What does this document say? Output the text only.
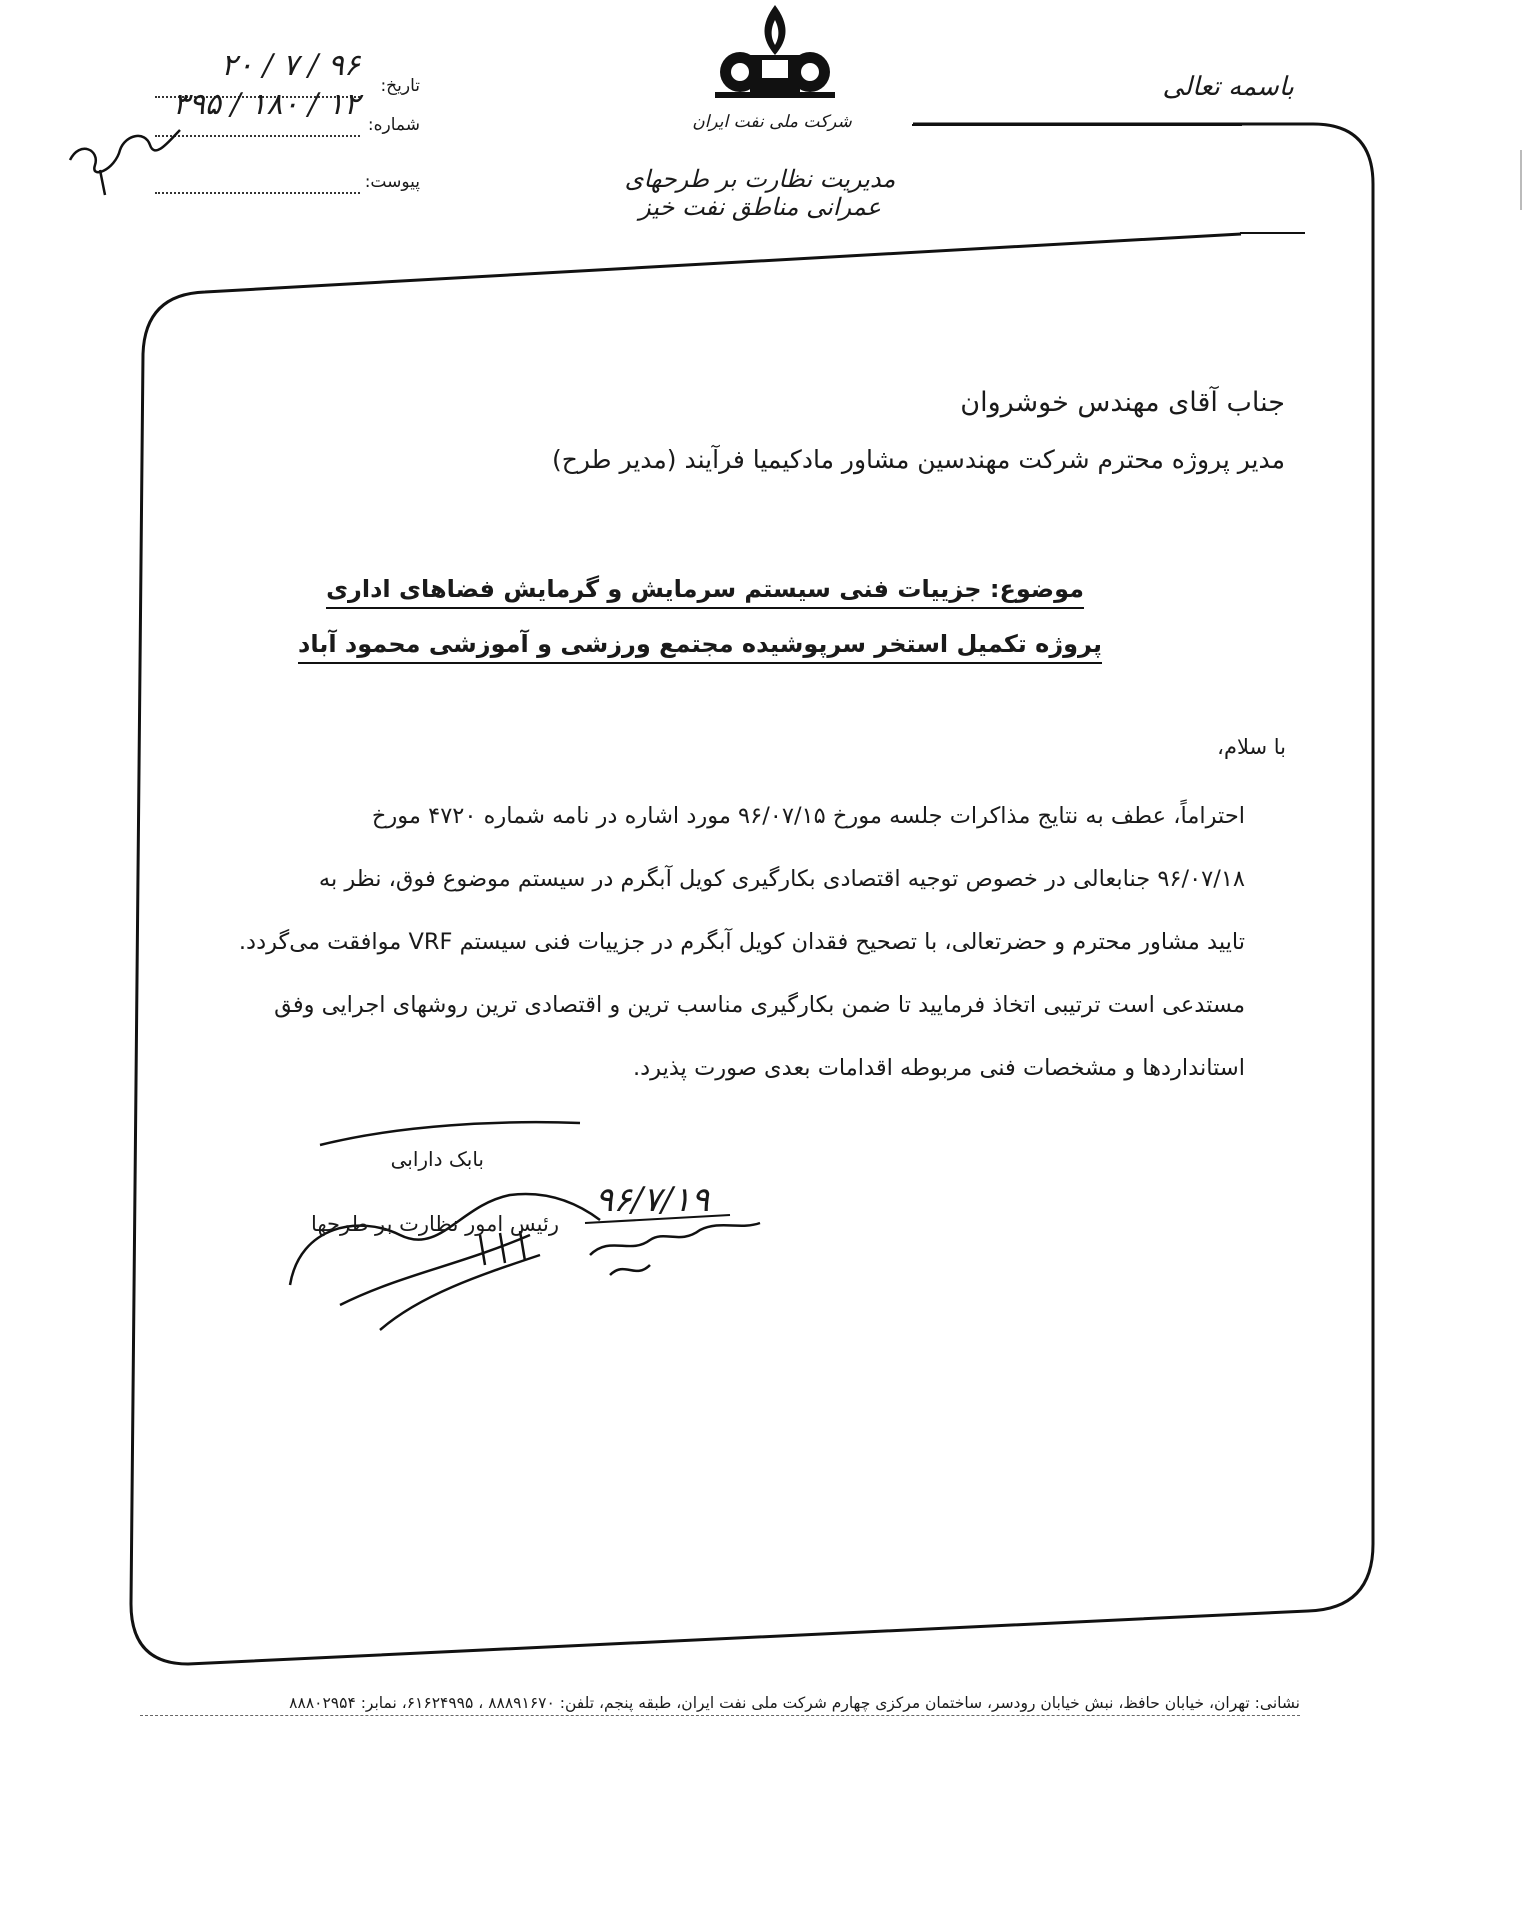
باسمه تعالی
شرکت ملی نفت ایران
مدیریت نظارت بر طرحهای عمرانی مناطق نفت خیز
تاریخ:
۹۶ / ۷ / ۲۰
شماره:
۱۲ / ۱۸۰ / ۳۹۵
پیوست:
جناب آقای مهندس خوشروان
مدیر پروژه محترم شرکت مهندسین مشاور مادکیمیا فرآیند (مدیر طرح)
موضوع: جزییات فنی سیستم سرمایش و گرمایش فضاهای اداری
پروژه تکمیل استخر سرپوشیده مجتمع ورزشی و آموزشی محمود آباد
با سلام،
احتراماً، عطف به نتایج مذاکرات جلسه مورخ ۹۶/۰۷/۱۵ مورد اشاره در نامه شماره ۴۷۲۰ مورخ
۹۶/۰۷/۱۸ جنابعالی در خصوص توجیه اقتصادی بکارگیری کویل آبگرم در سیستم موضوع فوق، نظر به
تایید مشاور محترم و حضرتعالی، با تصحیح فقدان کویل آبگرم در جزییات فنی سیستم VRF موافقت می‌گردد.
مستدعی است ترتیبی اتخاذ فرمایید تا ضمن بکارگیری مناسب ترین و اقتصادی ترین روشهای اجرایی وفق
استانداردها و مشخصات فنی مربوطه اقدامات بعدی صورت پذیرد.
بابک دارابی
رئیس امور نظارت بر طرحها
۹۶/۷/۱۹
نشانی: تهران، خیابان حافظ، نبش خیابان رودسر، ساختمان مرکزی چهارم شرکت ملی نفت ایران، طبقه پنجم، تلفن: ۸۸۸۹۱۶۷۰ ، ۶۱۶۲۴۹۹۵، نمابر: ۸۸۸۰۲۹۵۴
